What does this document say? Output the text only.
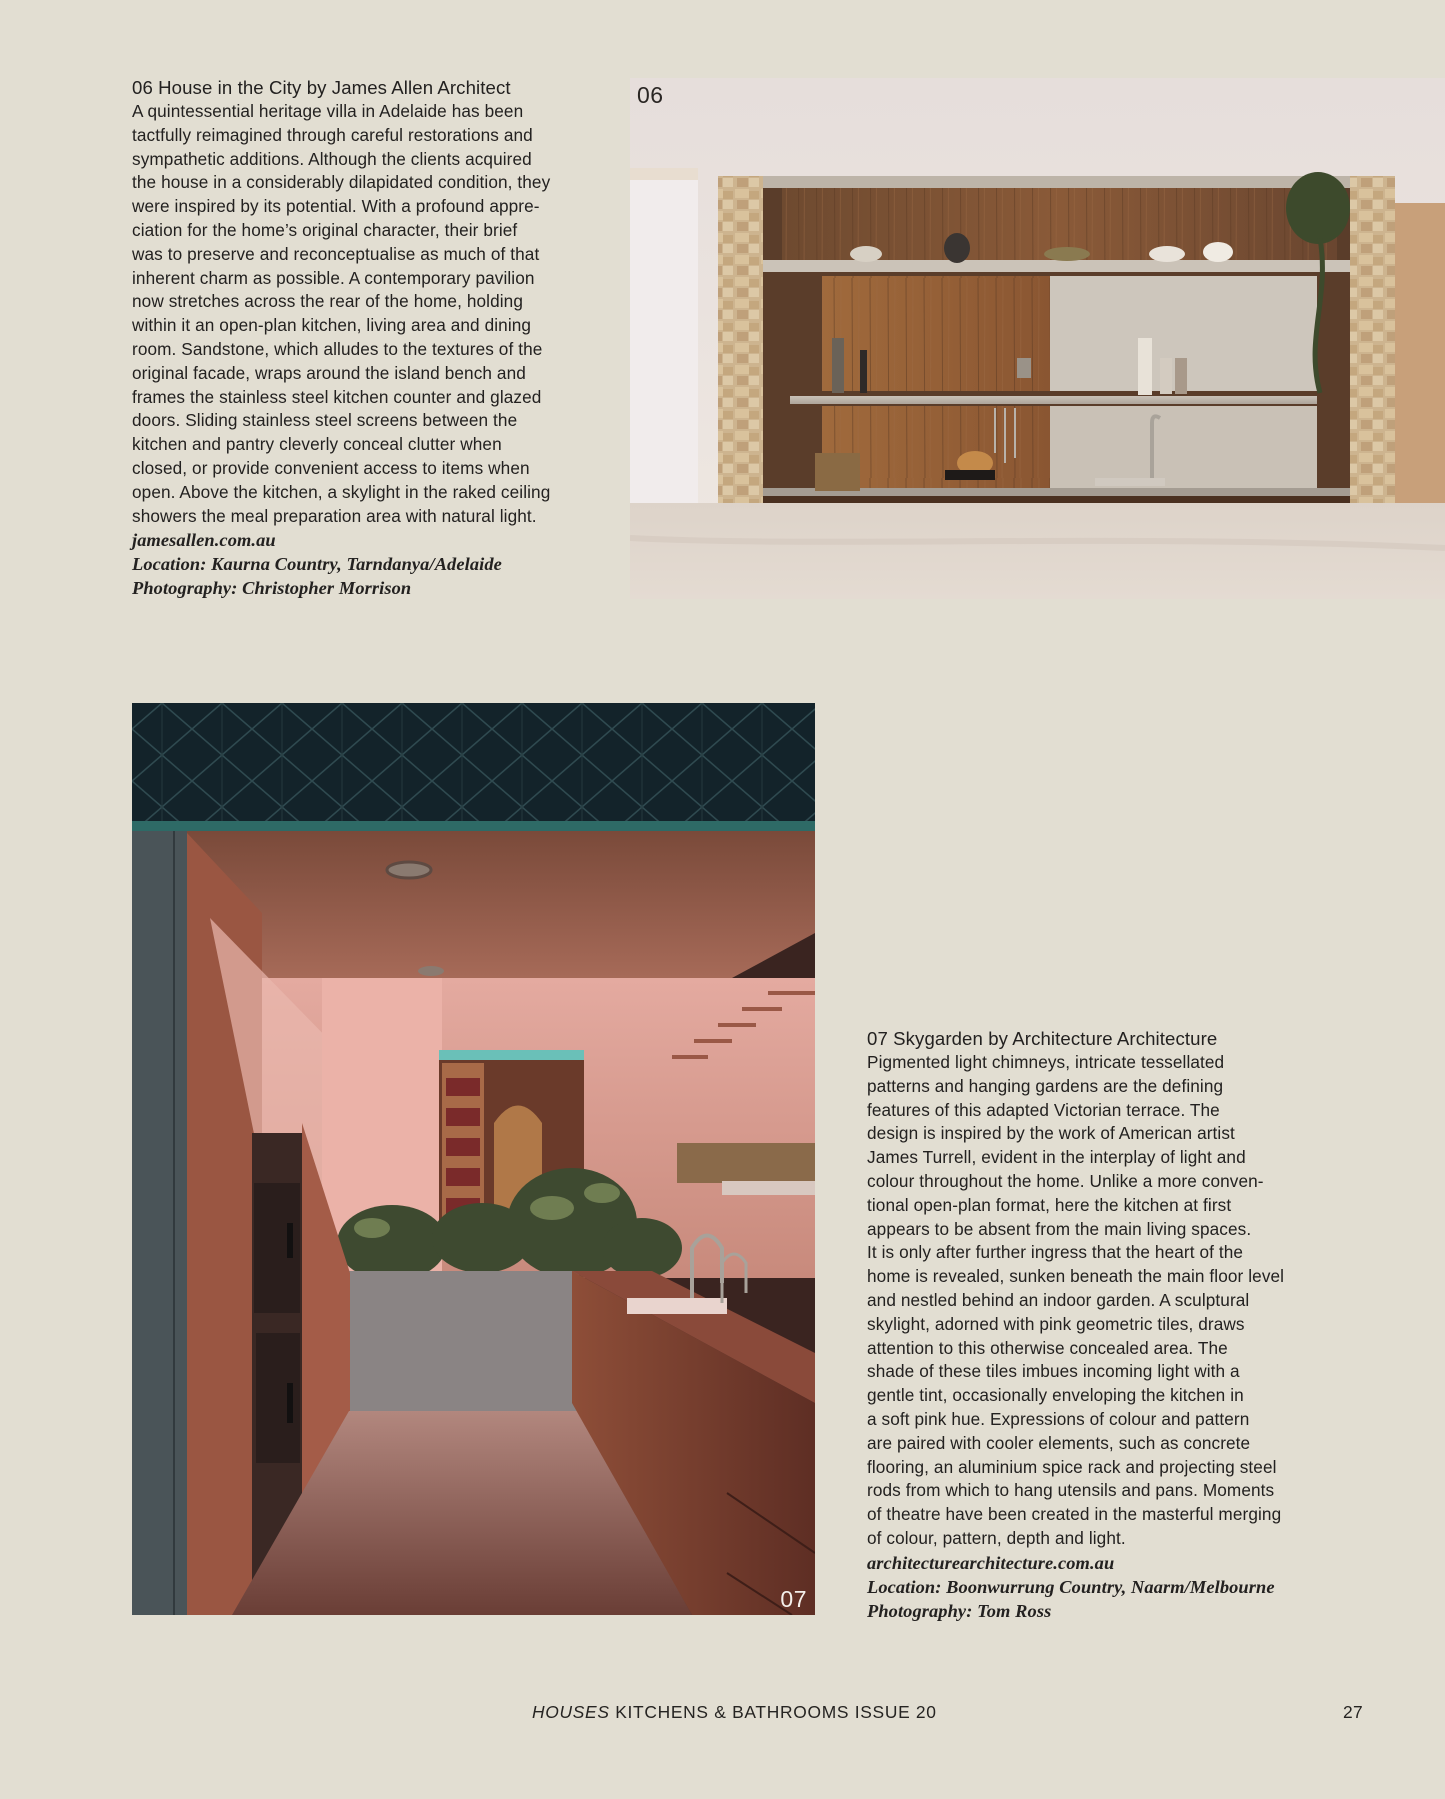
06 House in the City by James Allen Architect
A quintessential heritage villa in Adelaide has been
tactfully reimagined through careful restorations and
sympathetic additions. Although the clients acquired
the house in a considerably dilapidated condition, they
were inspired by its potential. With a profound appre-
ciation for the home’s original character, their brief
was to preserve and reconceptualise as much of that
inherent charm as possible. A contemporary pavilion
now stretches across the rear of the home, holding
within it an open-plan kitchen, living area and dining
room. Sandstone, which alludes to the textures of the
original facade, wraps around the island bench and
frames the stainless steel kitchen counter and glazed
doors. Sliding stainless steel screens between the
kitchen and pantry cleverly conceal clutter when
closed, or provide convenient access to items when
open. Above the kitchen, a skylight in the raked ceiling
showers the meal preparation area with natural light.
jamesallen.com.au
Location: Kaurna Country, Tarndanya/Adelaide
Photography: Christopher Morrison
06
07
07 Skygarden by Architecture Architecture
Pigmented light chimneys, intricate tessellated
patterns and hanging gardens are the defining
features of this adapted Victorian terrace. The
design is inspired by the work of American artist
James Turrell, evident in the interplay of light and
colour throughout the home. Unlike a more conven-
tional open-plan format, here the kitchen at first
appears to be absent from the main living spaces.
It is only after further ingress that the heart of the
home is revealed, sunken beneath the main floor level
and nestled behind an indoor garden. A sculptural
skylight, adorned with pink geometric tiles, draws
attention to this otherwise concealed area. The
shade of these tiles imbues incoming light with a
gentle tint, occasionally enveloping the kitchen in
a soft pink hue. Expressions of colour and pattern
are paired with cooler elements, such as concrete
flooring, an aluminium spice rack and projecting steel
rods from which to hang utensils and pans. Moments
of theatre have been created in the masterful merging
of colour, pattern, depth and light.
architecturearchitecture.com.au
Location: Boonwurrung Country, Naarm/Melbourne
Photography: Tom Ross
HOUSES KITCHENS & BATHROOMS ISSUE 20	27
